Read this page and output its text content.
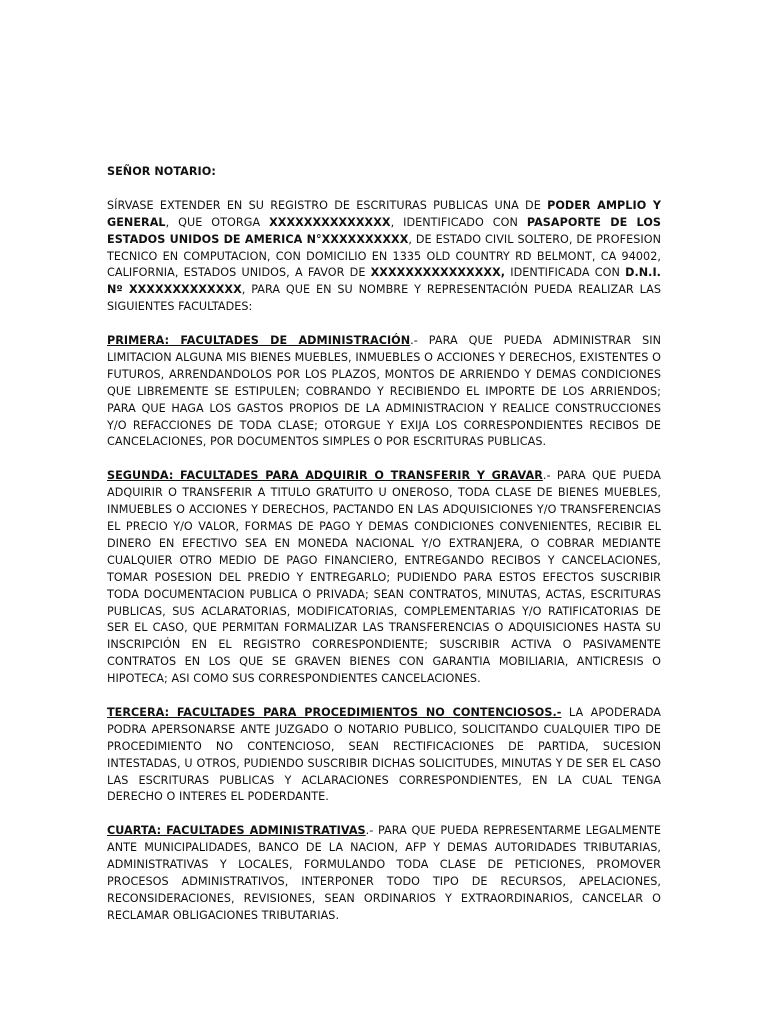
SEÑOR NOTARIO:

SÍRVASE EXTENDER EN SU REGISTRO DE ESCRITURAS PUBLICAS UNA DE PODER AMPLIO Y GENERAL, QUE OTORGA XXXXXXXXXXXXXX, IDENTIFICADO CON PASAPORTE DE LOS ESTADOS UNIDOS DE AMERICA N°XXXXXXXXXX, DE ESTADO CIVIL SOLTERO, DE PROFESION TECNICO EN COMPUTACION, CON DOMICILIO EN 1335 OLD COUNTRY RD BELMONT, CA 94002, CALIFORNIA, ESTADOS UNIDOS, A FAVOR DE XXXXXXXXXXXXXXX, IDENTIFICADA CON D.N.I. Nº XXXXXXXXXXXXX, PARA QUE EN SU NOMBRE Y REPRESENTACIÓN PUEDA REALIZAR LAS SIGUIENTES FACULTADES:

PRIMERA: FACULTADES DE ADMINISTRACIÓN.- PARA QUE PUEDA ADMINISTRAR SIN LIMITACION ALGUNA MIS BIENES MUEBLES, INMUEBLES O ACCIONES Y DERECHOS, EXISTENTES O FUTUROS, ARRENDANDOLOS POR LOS PLAZOS, MONTOS DE ARRIENDO Y DEMAS CONDICIONES QUE LIBREMENTE SE ESTIPULEN; COBRANDO Y RECIBIENDO EL IMPORTE DE LOS ARRIENDOS; PARA QUE HAGA LOS GASTOS PROPIOS DE LA ADMINISTRACION Y REALICE CONSTRUCCIONES Y/O REFACCIONES DE TODA CLASE; OTORGUE Y EXIJA LOS CORRESPONDIENTES RECIBOS DE CANCELACIONES, POR DOCUMENTOS SIMPLES O POR ESCRITURAS PUBLICAS.

SEGUNDA: FACULTADES PARA ADQUIRIR O TRANSFERIR Y GRAVAR.- PARA QUE PUEDA ADQUIRIR O TRANSFERIR A TITULO GRATUITO U ONEROSO, TODA CLASE DE BIENES MUEBLES, INMUEBLES O ACCIONES Y DERECHOS, PACTANDO EN LAS ADQUISICIONES Y/O TRANSFERENCIAS EL PRECIO Y/O VALOR, FORMAS DE PAGO Y DEMAS CONDICIONES CONVENIENTES, RECIBIR EL DINERO EN EFECTIVO SEA EN MONEDA NACIONAL Y/O EXTRANJERA, O COBRAR MEDIANTE CUALQUIER OTRO MEDIO DE PAGO FINANCIERO, ENTREGANDO RECIBOS Y CANCELACIONES, TOMAR POSESION DEL PREDIO Y ENTREGARLO; PUDIENDO PARA ESTOS EFECTOS SUSCRIBIR TODA DOCUMENTACION PUBLICA O PRIVADA; SEAN CONTRATOS, MINUTAS, ACTAS, ESCRITURAS PUBLICAS, SUS ACLARATORIAS, MODIFICATORIAS, COMPLEMENTARIAS Y/O RATIFICATORIAS DE SER EL CASO, QUE PERMITAN FORMALIZAR LAS TRANSFERENCIAS O ADQUISICIONES HASTA SU INSCRIPCIÓN EN EL REGISTRO CORRESPONDIENTE; SUSCRIBIR ACTIVA O PASIVAMENTE CONTRATOS EN LOS QUE SE GRAVEN BIENES CON GARANTIA MOBILIARIA, ANTICRESIS O HIPOTECA; ASI COMO SUS CORRESPONDIENTES CANCELACIONES.

TERCERA: FACULTADES PARA PROCEDIMIENTOS NO CONTENCIOSOS.- LA APODERADA PODRA APERSONARSE ANTE JUZGADO O NOTARIO PUBLICO, SOLICITANDO CUALQUIER TIPO DE PROCEDIMIENTO NO CONTENCIOSO, SEAN RECTIFICACIONES DE PARTIDA, SUCESION INTESTADAS, U OTROS, PUDIENDO SUSCRIBIR DICHAS SOLICITUDES, MINUTAS Y DE SER EL CASO LAS ESCRITURAS PUBLICAS Y ACLARACIONES CORRESPONDIENTES, EN LA CUAL TENGA DERECHO O INTERES EL PODERDANTE.

CUARTA: FACULTADES ADMINISTRATIVAS.- PARA QUE PUEDA REPRESENTARME LEGALMENTE ANTE MUNICIPALIDADES, BANCO DE LA NACION, AFP Y DEMAS AUTORIDADES TRIBUTARIAS, ADMINISTRATIVAS Y LOCALES, FORMULANDO TODA CLASE DE PETICIONES, PROMOVER PROCESOS ADMINISTRATIVOS, INTERPONER TODO TIPO DE RECURSOS, APELACIONES, RECONSIDERACIONES, REVISIONES, SEAN ORDINARIOS Y EXTRAORDINARIOS, CANCELAR O RECLAMAR OBLIGACIONES TRIBUTARIAS.
